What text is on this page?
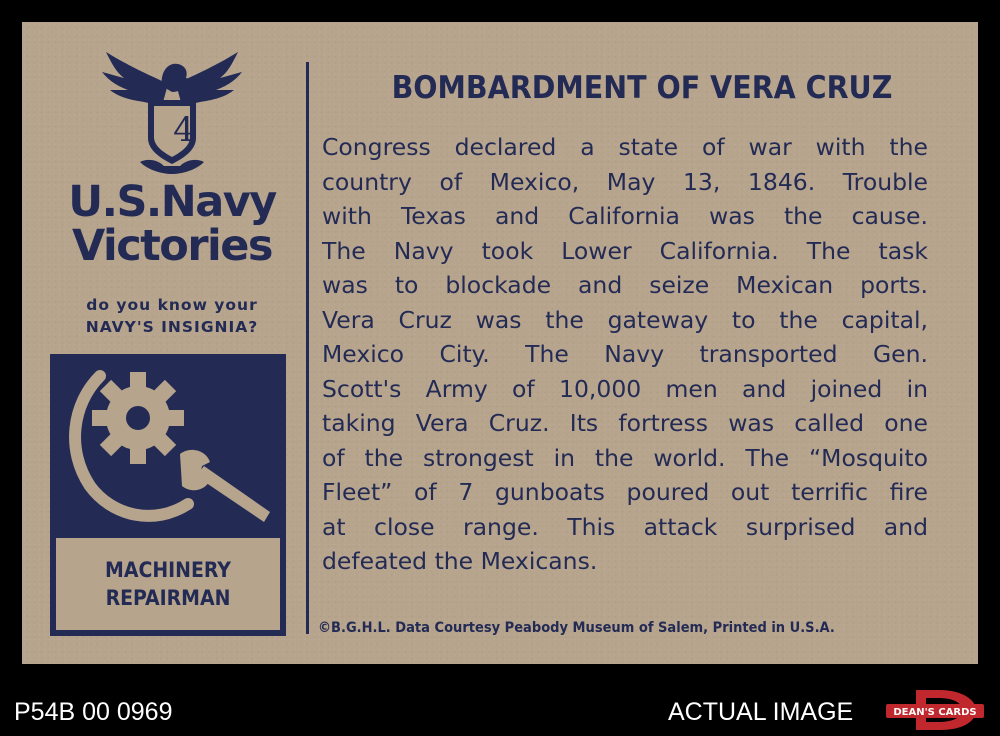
4
U.S.Navy
Victories
do you know your
NAVY'S INSIGNIA?
MACHINERY
REPAIRMAN
BOMBARDMENT OF VERA CRUZ
Congress declared a state of war with the
country of Mexico, May 13, 1846. Trouble
with Texas and California was the cause.
The Navy took Lower California. The task
was to blockade and seize Mexican ports.
Vera Cruz was the gateway to the capital,
Mexico City. The Navy transported Gen.
Scott's Army of 10,000 men and joined in
taking Vera Cruz. Its fortress was called one
of the strongest in the world. The “Mosquito
Fleet” of 7 gunboats poured out terrific fire
at close range. This attack surprised and
defeated the Mexicans.
©B.G.H.L. Data Courtesy Peabody Museum of Salem, Printed in U.S.A.
P54B 00 0969	ACTUAL IMAGE	DEAN'S CARDS
